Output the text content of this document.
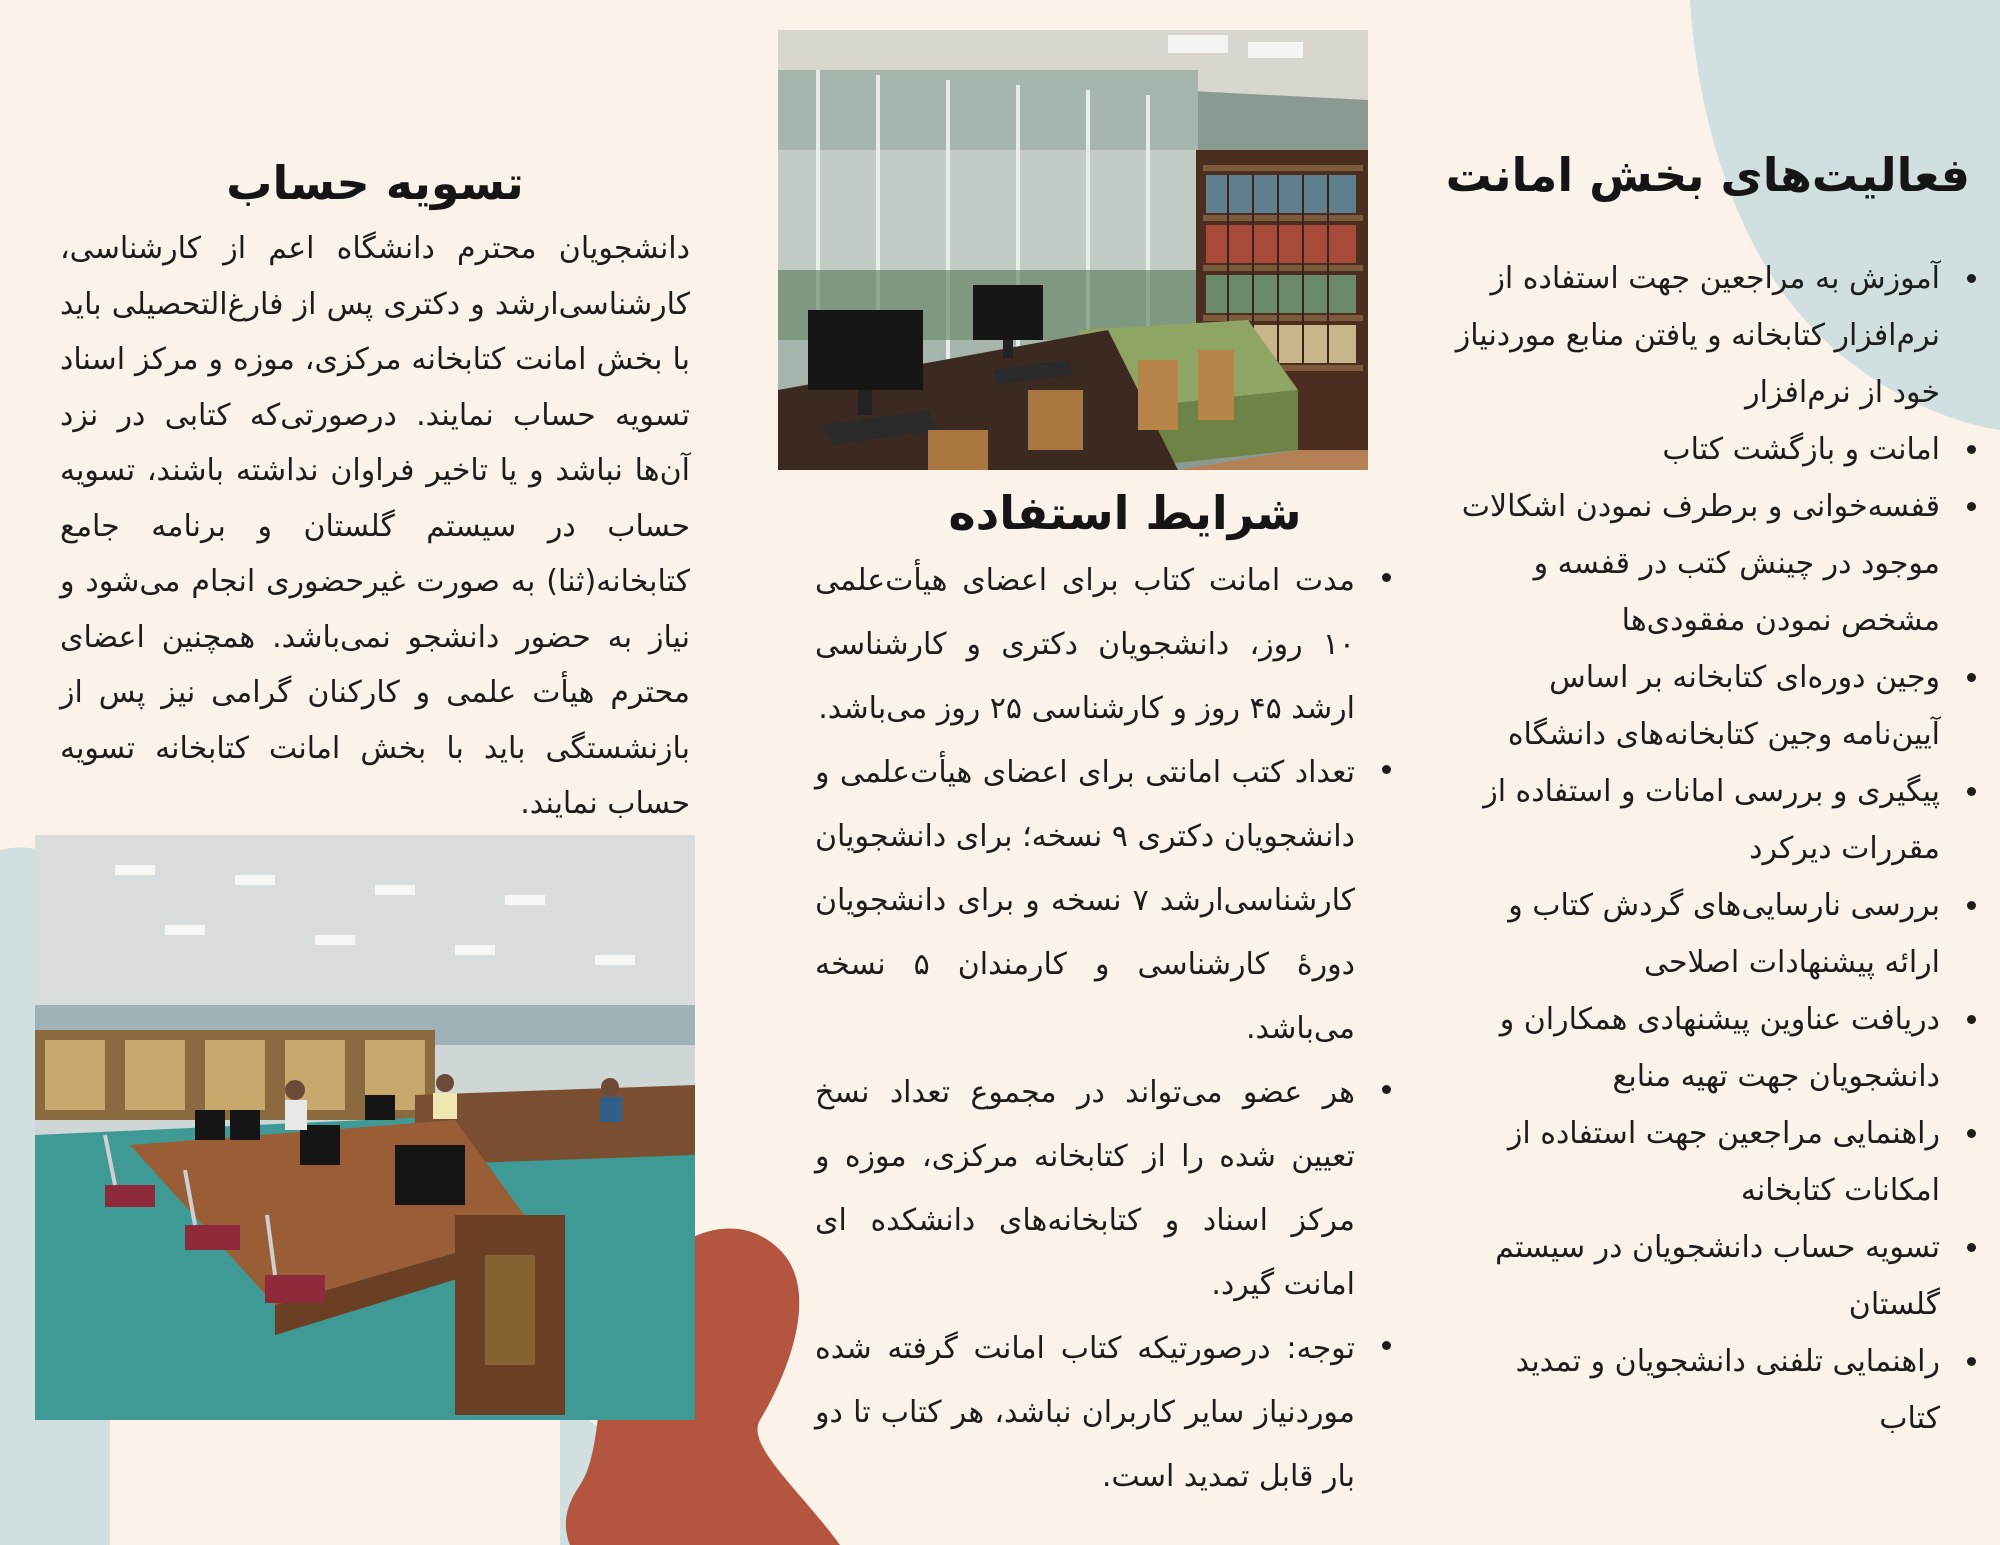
فعالیت‌های بخش امانت
آموزش به مراجعین جهت استفاده از نرم‌افزار کتابخانه و یافتن منابع موردنیاز خود از نرم‌افزار
امانت و بازگشت کتاب
قفسه‌خوانی و برطرف نمودن اشکالات موجود در چینش کتب در قفسه و مشخص نمودن مفقودی‌ها
وجین دوره‌ای کتابخانه بر اساس آیین‌نامه وجین کتابخانه‌های دانشگاه
پیگیری و بررسی امانات و استفاده از مقررات دیرکرد
بررسی نارسایی‌های گردش کتاب و ارائه پیشنهادات اصلاحی
دریافت عناوین پیشنهادی همکاران و دانشجویان جهت تهیه منابع
راهنمایی مراجعین جهت استفاده از امکانات کتابخانه
تسویه حساب دانشجویان در سیستم گلستان
راهنمایی تلفنی دانشجویان و تمدید کتاب
شرایط استفاده
مدت امانت کتاب برای اعضای هیأت‌علمی ۱۰ روز، دانشجویان دکتری و کارشناسی ارشد ۴۵ روز و کارشناسی ۲۵ روز می‌باشد.
تعداد کتب امانتی برای اعضای هیأت‌علمی و دانشجویان دکتری ۹ نسخه؛ برای دانشجویان کارشناسی‌ارشد ۷ نسخه و برای دانشجویان دورۀ کارشناسی و کارمندان ۵ نسخه می‌باشد.
هر عضو می‌تواند در مجموع تعداد نسخ تعیین شده را از کتابخانه مرکزی، موزه و مرکز اسناد و کتابخانه‌های دانشکده ای امانت گیرد.
توجه: درصورتیکه کتاب امانت گرفته شده موردنیاز سایر کاربران نباشد، هر کتاب تا دو بار قابل تمدید است.
تسویه حساب

دانشجویان محترم دانشگاه اعم از کارشناسی، کارشناسی‌ارشد و دکتری پس از فارغ‌التحصیلی باید با بخش امانت کتابخانه مرکزی، موزه و مرکز اسناد تسویه حساب نمایند. درصورتی‌که کتابی در نزد آن‌ها نباشد و یا تاخیر فراوان نداشته باشند، تسویه حساب در سیستم گلستان و برنامه جامع کتابخانه(ثنا) به صورت غیرحضوری انجام می‌شود و نیاز به حضور دانشجو نمی‌باشد. همچنین اعضای محترم هیأت علمی و کارکنان گرامی نیز پس از بازنشستگی باید با بخش امانت کتابخانه تسویه حساب نمایند.
